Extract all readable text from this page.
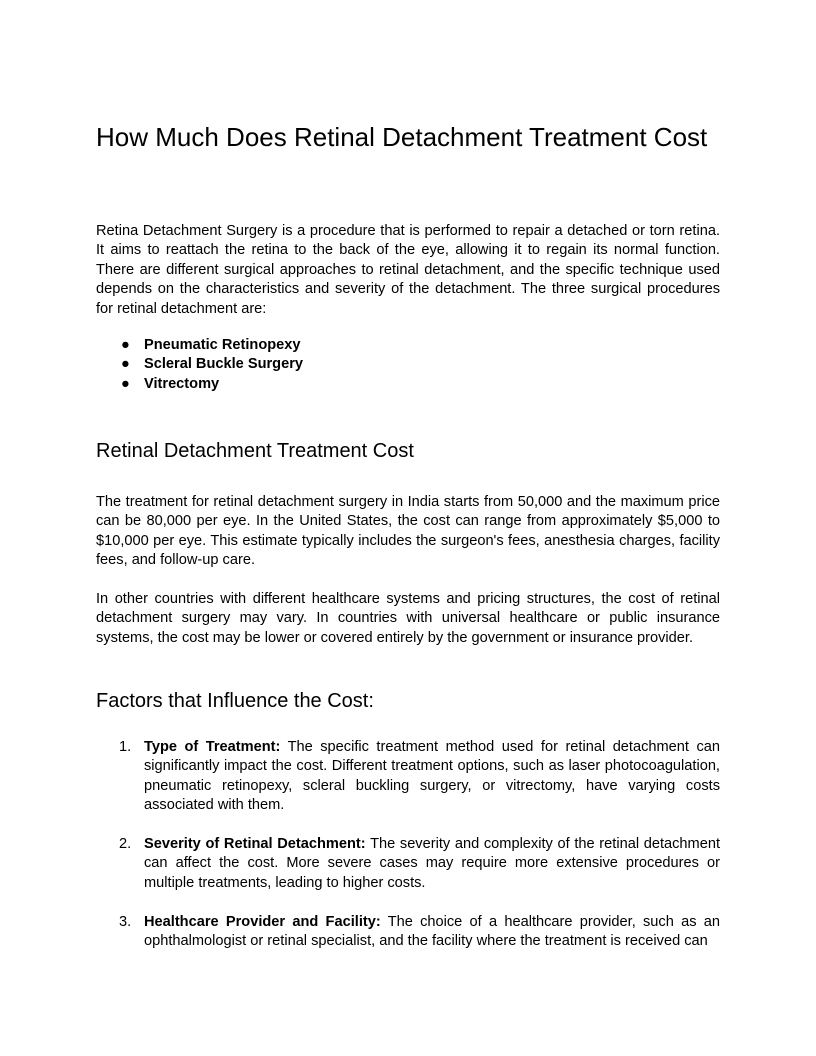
How Much Does Retinal Detachment Treatment Cost

Retina Detachment Surgery is a procedure that is performed to repair a detached or torn retina. It aims to reattach the retina to the back of the eye, allowing it to regain its normal function. There are different surgical approaches to retinal detachment, and the specific technique used depends on the characteristics and severity of the detachment. The three surgical procedures for retinal detachment are:

● Pneumatic Retinopexy
● Scleral Buckle Surgery
● Vitrectomy
Retinal Detachment Treatment Cost

The treatment for retinal detachment surgery in India starts from 50,000 and the maximum price can be 80,000 per eye. In the United States, the cost can range from approximately $5,000 to $10,000 per eye. This estimate typically includes the surgeon's fees, anesthesia charges, facility fees, and follow-up care.

In other countries with different healthcare systems and pricing structures, the cost of retinal detachment surgery may vary. In countries with universal healthcare or public insurance systems, the cost may be lower or covered entirely by the government or insurance provider.

Factors that Influence the Cost:
1. Type of Treatment: The specific treatment method used for retinal detachment can significantly impact the cost. Different treatment options, such as laser photocoagulation, pneumatic retinopexy, scleral buckling surgery, or vitrectomy, have varying costs associated with them.
2. Severity of Retinal Detachment: The severity and complexity of the retinal detachment can affect the cost. More severe cases may require more extensive procedures or multiple treatments, leading to higher costs.
3. Healthcare Provider and Facility: The choice of a healthcare provider, such as an ophthalmologist or retinal specialist, and the facility where the treatment is received can
